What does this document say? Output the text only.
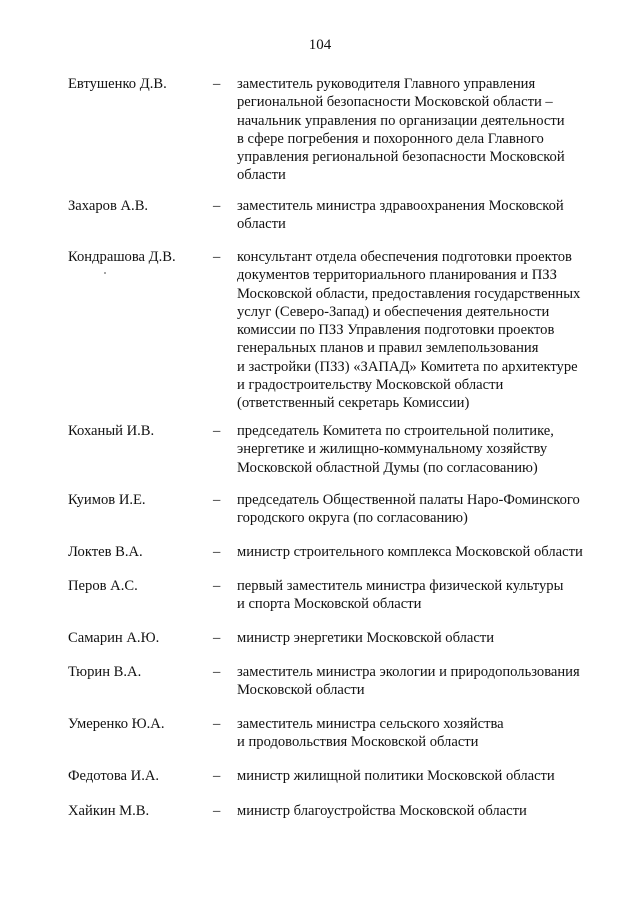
104
Евтушенко Д.В.	– заместитель руководителя Главного управления
региональной безопасности Московской области –
начальник управления по организации деятельности
в сфере погребения и похоронного дела Главного
управления региональной безопасности Московской
области
Захаров А.В.	– заместитель министра здравоохранения Московской
области
Кондрашова Д.В.	– консультант отдела обеспечения подготовки проектов
документов территориального планирования и ПЗЗ
Московской области, предоставления государственных
услуг (Северо-Запад) и обеспечения деятельности
комиссии по ПЗЗ Управления подготовки проектов
генеральных планов и правил землепользования
и застройки (ПЗЗ) «ЗАПАД» Комитета по архитектуре
и градостроительству Московской области
(ответственный секретарь Комиссии)
Коханый И.В.	– председатель Комитета по строительной политике,
энергетике и жилищно-коммунальному хозяйству
Московской областной Думы (по согласованию)
Куимов И.Е.	– председатель Общественной палаты Наро-Фоминского
городского округа (по согласованию)
Локтев В.А.	– министр строительного комплекса Московской области
Перов А.С.	– первый заместитель министра физической культуры
и спорта Московской области
Самарин А.Ю.	– министр энергетики Московской области
Тюрин В.А.	– заместитель министра экологии и природопользования
Московской области
Умеренко Ю.А.	– заместитель министра сельского хозяйства
и продовольствия Московской области
Федотова И.А.	– министр жилищной политики Московской области
Хайкин М.В.	– министр благоустройства Московской области
